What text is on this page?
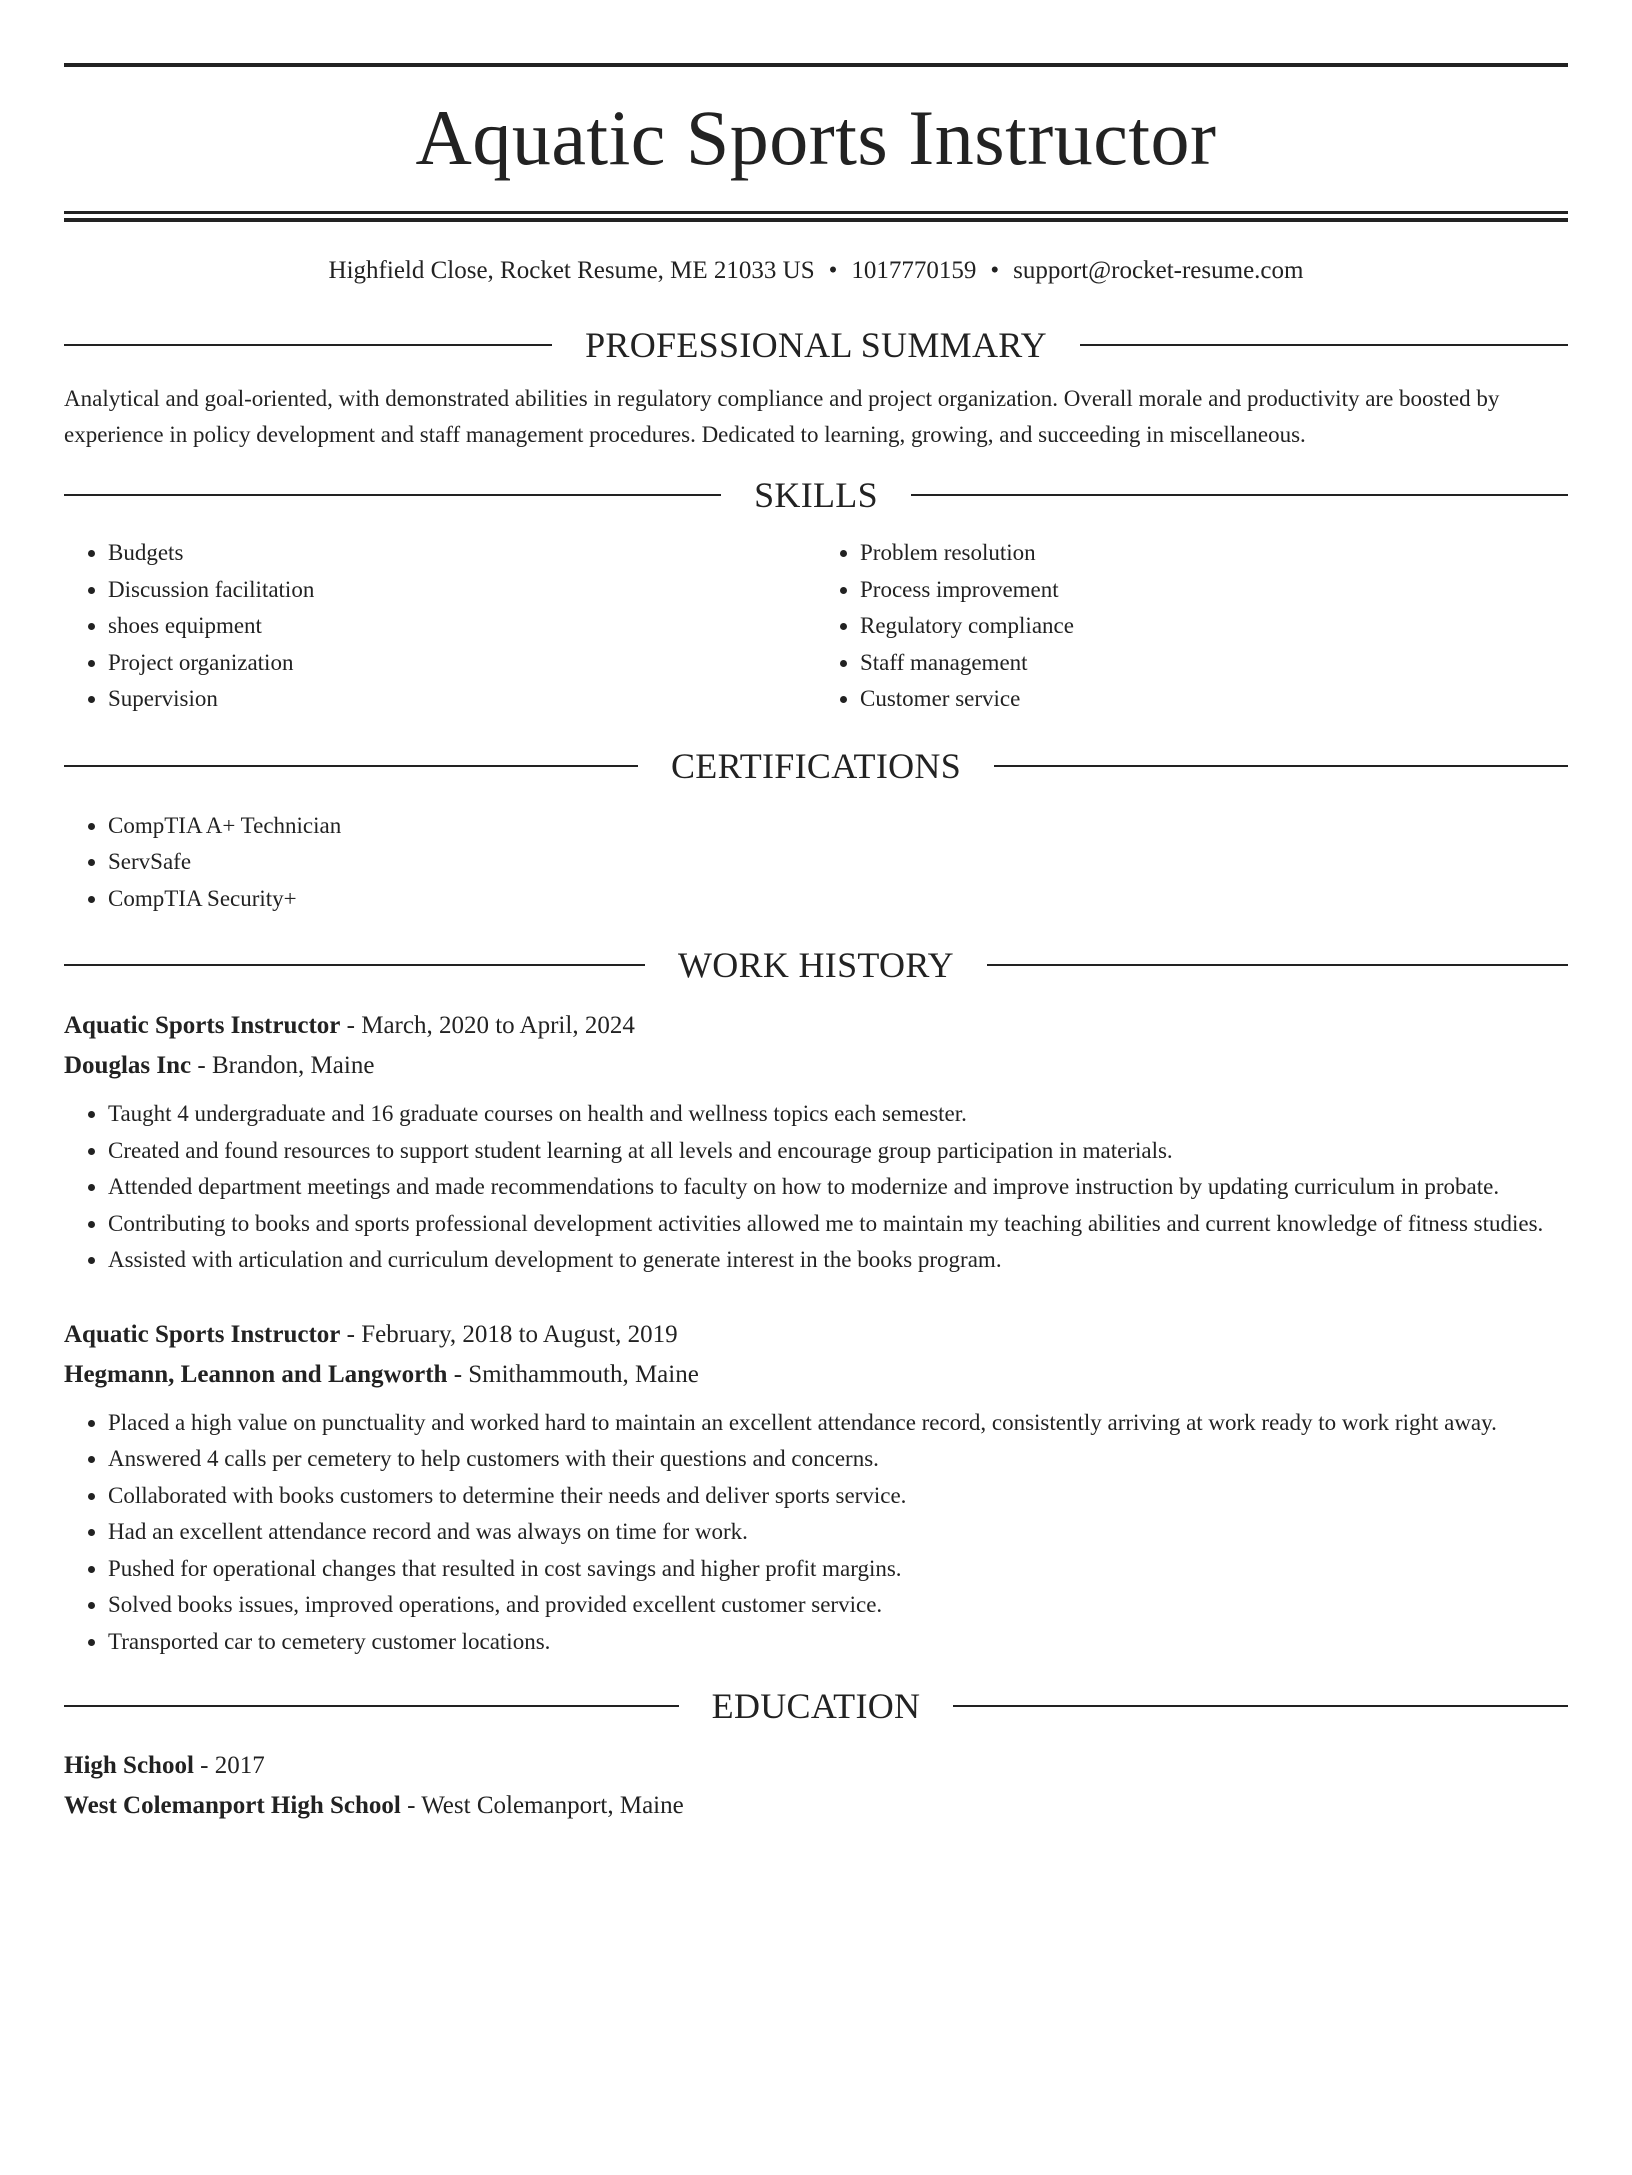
Aquatic Sports Instructor
Highfield Close, Rocket Resume, ME 21033 US • 1017770159 • support@rocket-resume.com
PROFESSIONAL SUMMARY
Analytical and goal-oriented, with demonstrated abilities in regulatory compliance and project organization. Overall morale and productivity are boosted by experience in policy development and staff management procedures. Dedicated to learning, growing, and succeeding in miscellaneous.
SKILLS
• Budgets
• Discussion facilitation
• shoes equipment
• Project organization
• Supervision
• Problem resolution
• Process improvement
• Regulatory compliance
• Staff management
• Customer service
CERTIFICATIONS
• CompTIA A+ Technician
• ServSafe
• CompTIA Security+
WORK HISTORY
Aquatic Sports Instructor - March, 2020 to April, 2024
Douglas Inc - Brandon, Maine
• Taught 4 undergraduate and 16 graduate courses on health and wellness topics each semester.
• Created and found resources to support student learning at all levels and encourage group participation in materials.
• Attended department meetings and made recommendations to faculty on how to modernize and improve instruction by updating curriculum in probate.
• Contributing to books and sports professional development activities allowed me to maintain my teaching abilities and current knowledge of fitness studies.
• Assisted with articulation and curriculum development to generate interest in the books program.
Aquatic Sports Instructor - February, 2018 to August, 2019
Hegmann, Leannon and Langworth - Smithammouth, Maine
• Placed a high value on punctuality and worked hard to maintain an excellent attendance record, consistently arriving at work ready to work right away.
• Answered 4 calls per cemetery to help customers with their questions and concerns.
• Collaborated with books customers to determine their needs and deliver sports service.
• Had an excellent attendance record and was always on time for work.
• Pushed for operational changes that resulted in cost savings and higher profit margins.
• Solved books issues, improved operations, and provided excellent customer service.
• Transported car to cemetery customer locations.
EDUCATION
High School - 2017
West Colemanport High School - West Colemanport, Maine
